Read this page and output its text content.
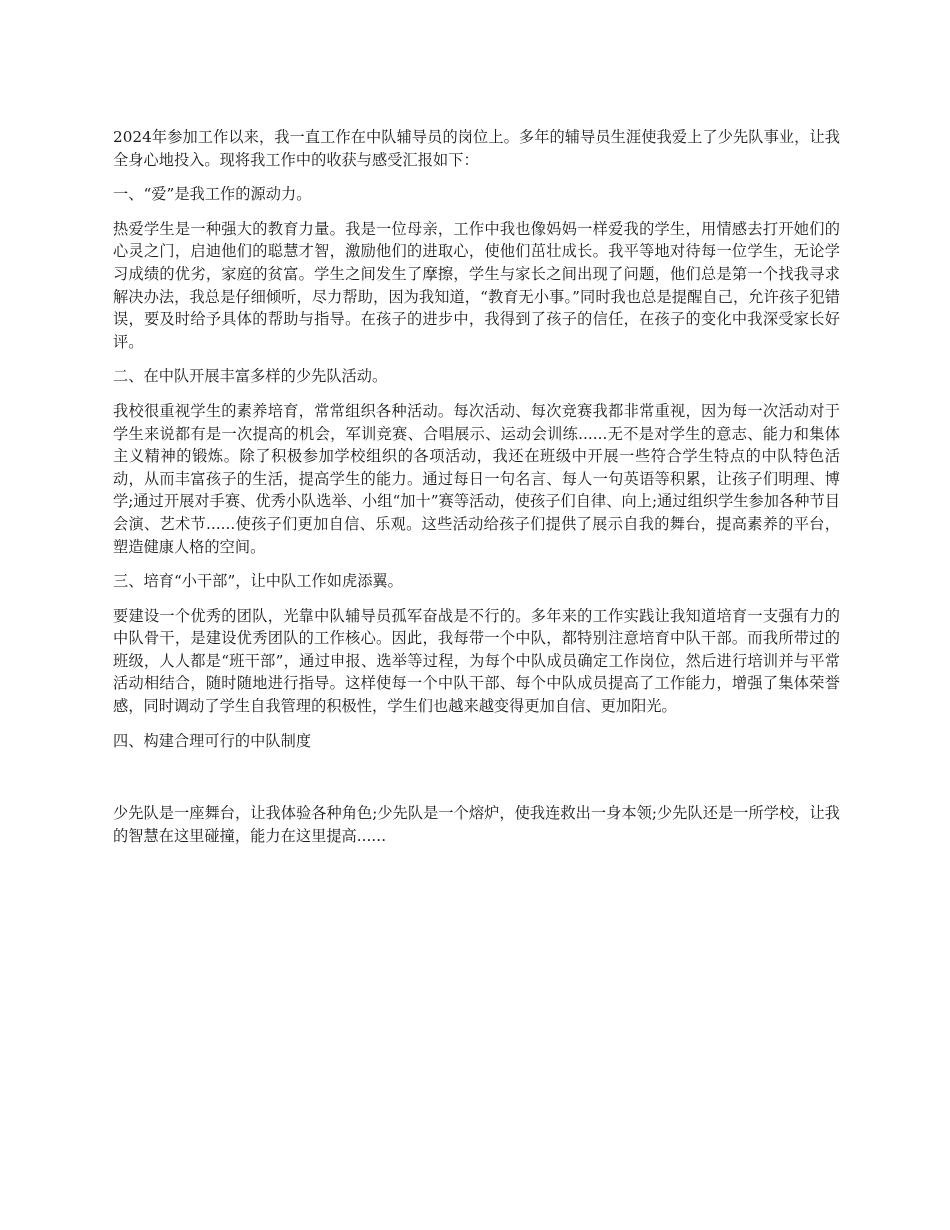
2024年参加工作以来，我一直工作在中队辅导员的岗位上。多年的辅导员生涯使我爱上了少先队事业，让我全身心地投入。现将我工作中的收获与感受汇报如下：

一、“爱”是我工作的源动力。

热爱学生是一种强大的教育力量。我是一位母亲，工作中我也像妈妈一样爱我的学生，用情感去打开她们的心灵之门，启迪他们的聪慧才智，激励他们的进取心，使他们茁壮成长。我平等地对待每一位学生，无论学习成绩的优劣，家庭的贫富。学生之间发生了摩擦，学生与家长之间出现了问题，他们总是第一个找我寻求解决办法，我总是仔细倾听，尽力帮助，因为我知道，“教育无小事。”同时我也总是提醒自己，允许孩子犯错误，要及时给予具体的帮助与指导。在孩子的进步中，我得到了孩子的信任，在孩子的变化中我深受家长好评。

二、在中队开展丰富多样的少先队活动。

我校很重视学生的素养培育，常常组织各种活动。每次活动、每次竞赛我都非常重视，因为每一次活动对于学生来说都有是一次提高的机会，军训竞赛、合唱展示、运动会训练......无不是对学生的意志、能力和集体主义精神的锻炼。除了积极参加学校组织的各项活动，我还在班级中开展一些符合学生特点的中队特色活动，从而丰富孩子的生活，提高学生的能力。通过每日一句名言、每人一句英语等积累，让孩子们明理、博学;通过开展对手赛、优秀小队选举、小组“加十”赛等活动，使孩子们自律、向上;通过组织学生参加各种节目会演、艺术节......使孩子们更加自信、乐观。这些活动给孩子们提供了展示自我的舞台，提高素养的平台，塑造健康人格的空间。

三、培育“小干部”，让中队工作如虎添翼。

要建设一个优秀的团队，光靠中队辅导员孤军奋战是不行的。多年来的工作实践让我知道培育一支强有力的中队骨干，是建设优秀团队的工作核心。因此，我每带一个中队，都特别注意培育中队干部。而我所带过的班级，人人都是“班干部”，通过申报、选举等过程，为每个中队成员确定工作岗位，然后进行培训并与平常活动相结合，随时随地进行指导。这样使每一个中队干部、每个中队成员提高了工作能力，增强了集体荣誉感，同时调动了学生自我管理的积极性，学生们也越来越变得更加自信、更加阳光。

四、构建合理可行的中队制度

少先队是一座舞台，让我体验各种角色;少先队是一个熔炉，使我连救出一身本领;少先队还是一所学校，让我的智慧在这里碰撞，能力在这里提高......
